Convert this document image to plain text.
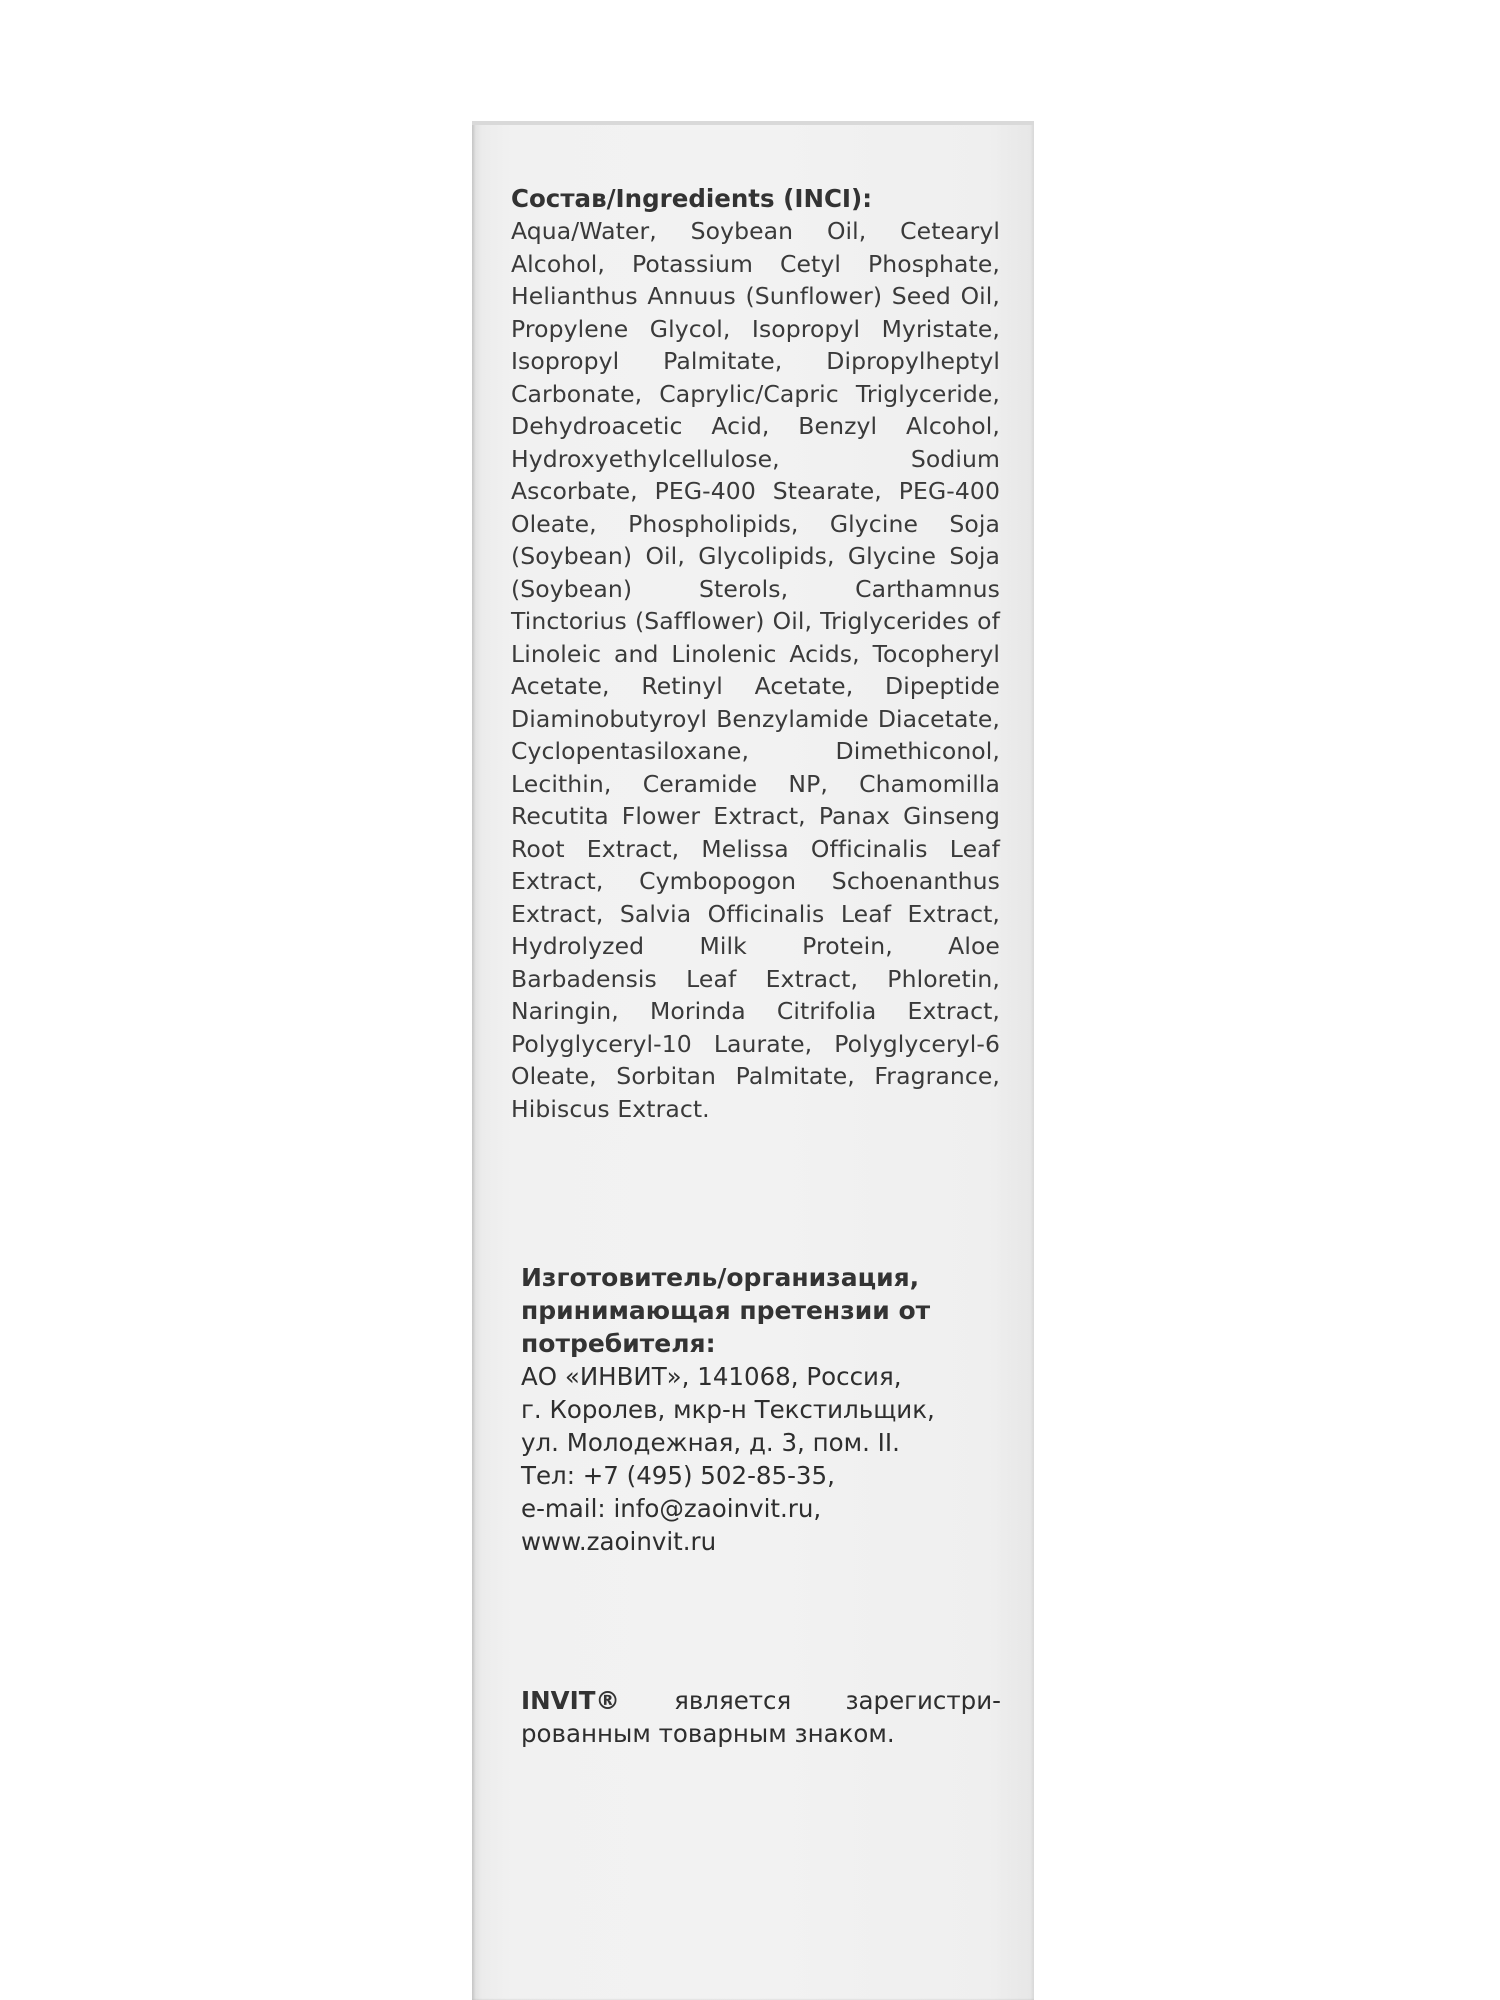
Состав/Ingredients (INCI):
Aqua/Water, Soybean Oil, Cetearyl Alcohol, Potassium Cetyl Phosphate, Helianthus Annuus (Sunflower) Seed Oil, Propylene Glycol, Isopropyl Myristate, Isopropyl Palmitate, Dipropylheptyl Carbonate, Caprylic/Capric Triglyceride, Dehydroacetic Acid, Benzyl Alcohol, Hydroxyethylcellulose, Sodium Ascorbate, PEG-400 Stearate, PEG-400 Oleate, Phospholipids, Glycine Soja (Soybean) Oil, Glycolipids, Glycine Soja (Soybean) Sterols, Carthamnus Tinctorius (Safflower) Oil, Triglycerides of Linoleic and Linolenic Acids, Tocopheryl Acetate, Retinyl Acetate, Dipeptide Diaminobutyroyl Benzylamide Diacetate, Cyclopentasiloxane, Dimethiconol, Lecithin, Ceramide NP, Chamomilla Recutita Flower Extract, Panax Ginseng Root Extract, Melissa Officinalis Leaf Extract, Cymbopogon Schoenanthus Extract, Salvia Officinalis Leaf Extract, Hydrolyzed Milk Protein, Aloe Barbadensis Leaf Extract, Phloretin, Naringin, Morinda Citrifolia Extract, Polyglyceryl-10 Laurate, Polyglyceryl-6 Oleate, Sorbitan Palmitate, Fragrance, Hibiscus Extract.
Изготовитель/организация,
принимающая претензии от
потребителя:
АО «ИНВИТ», 141068, Россия,
г. Королев, мкр-н Текстильщик,
ул. Молодежная, д. 3, пом. II.
Тел: +7 (495) 502-85-35,
e-mail: info@zaoinvit.ru,
www.zaoinvit.ru
INVIT® является зарегистрированным товарным знаком.
